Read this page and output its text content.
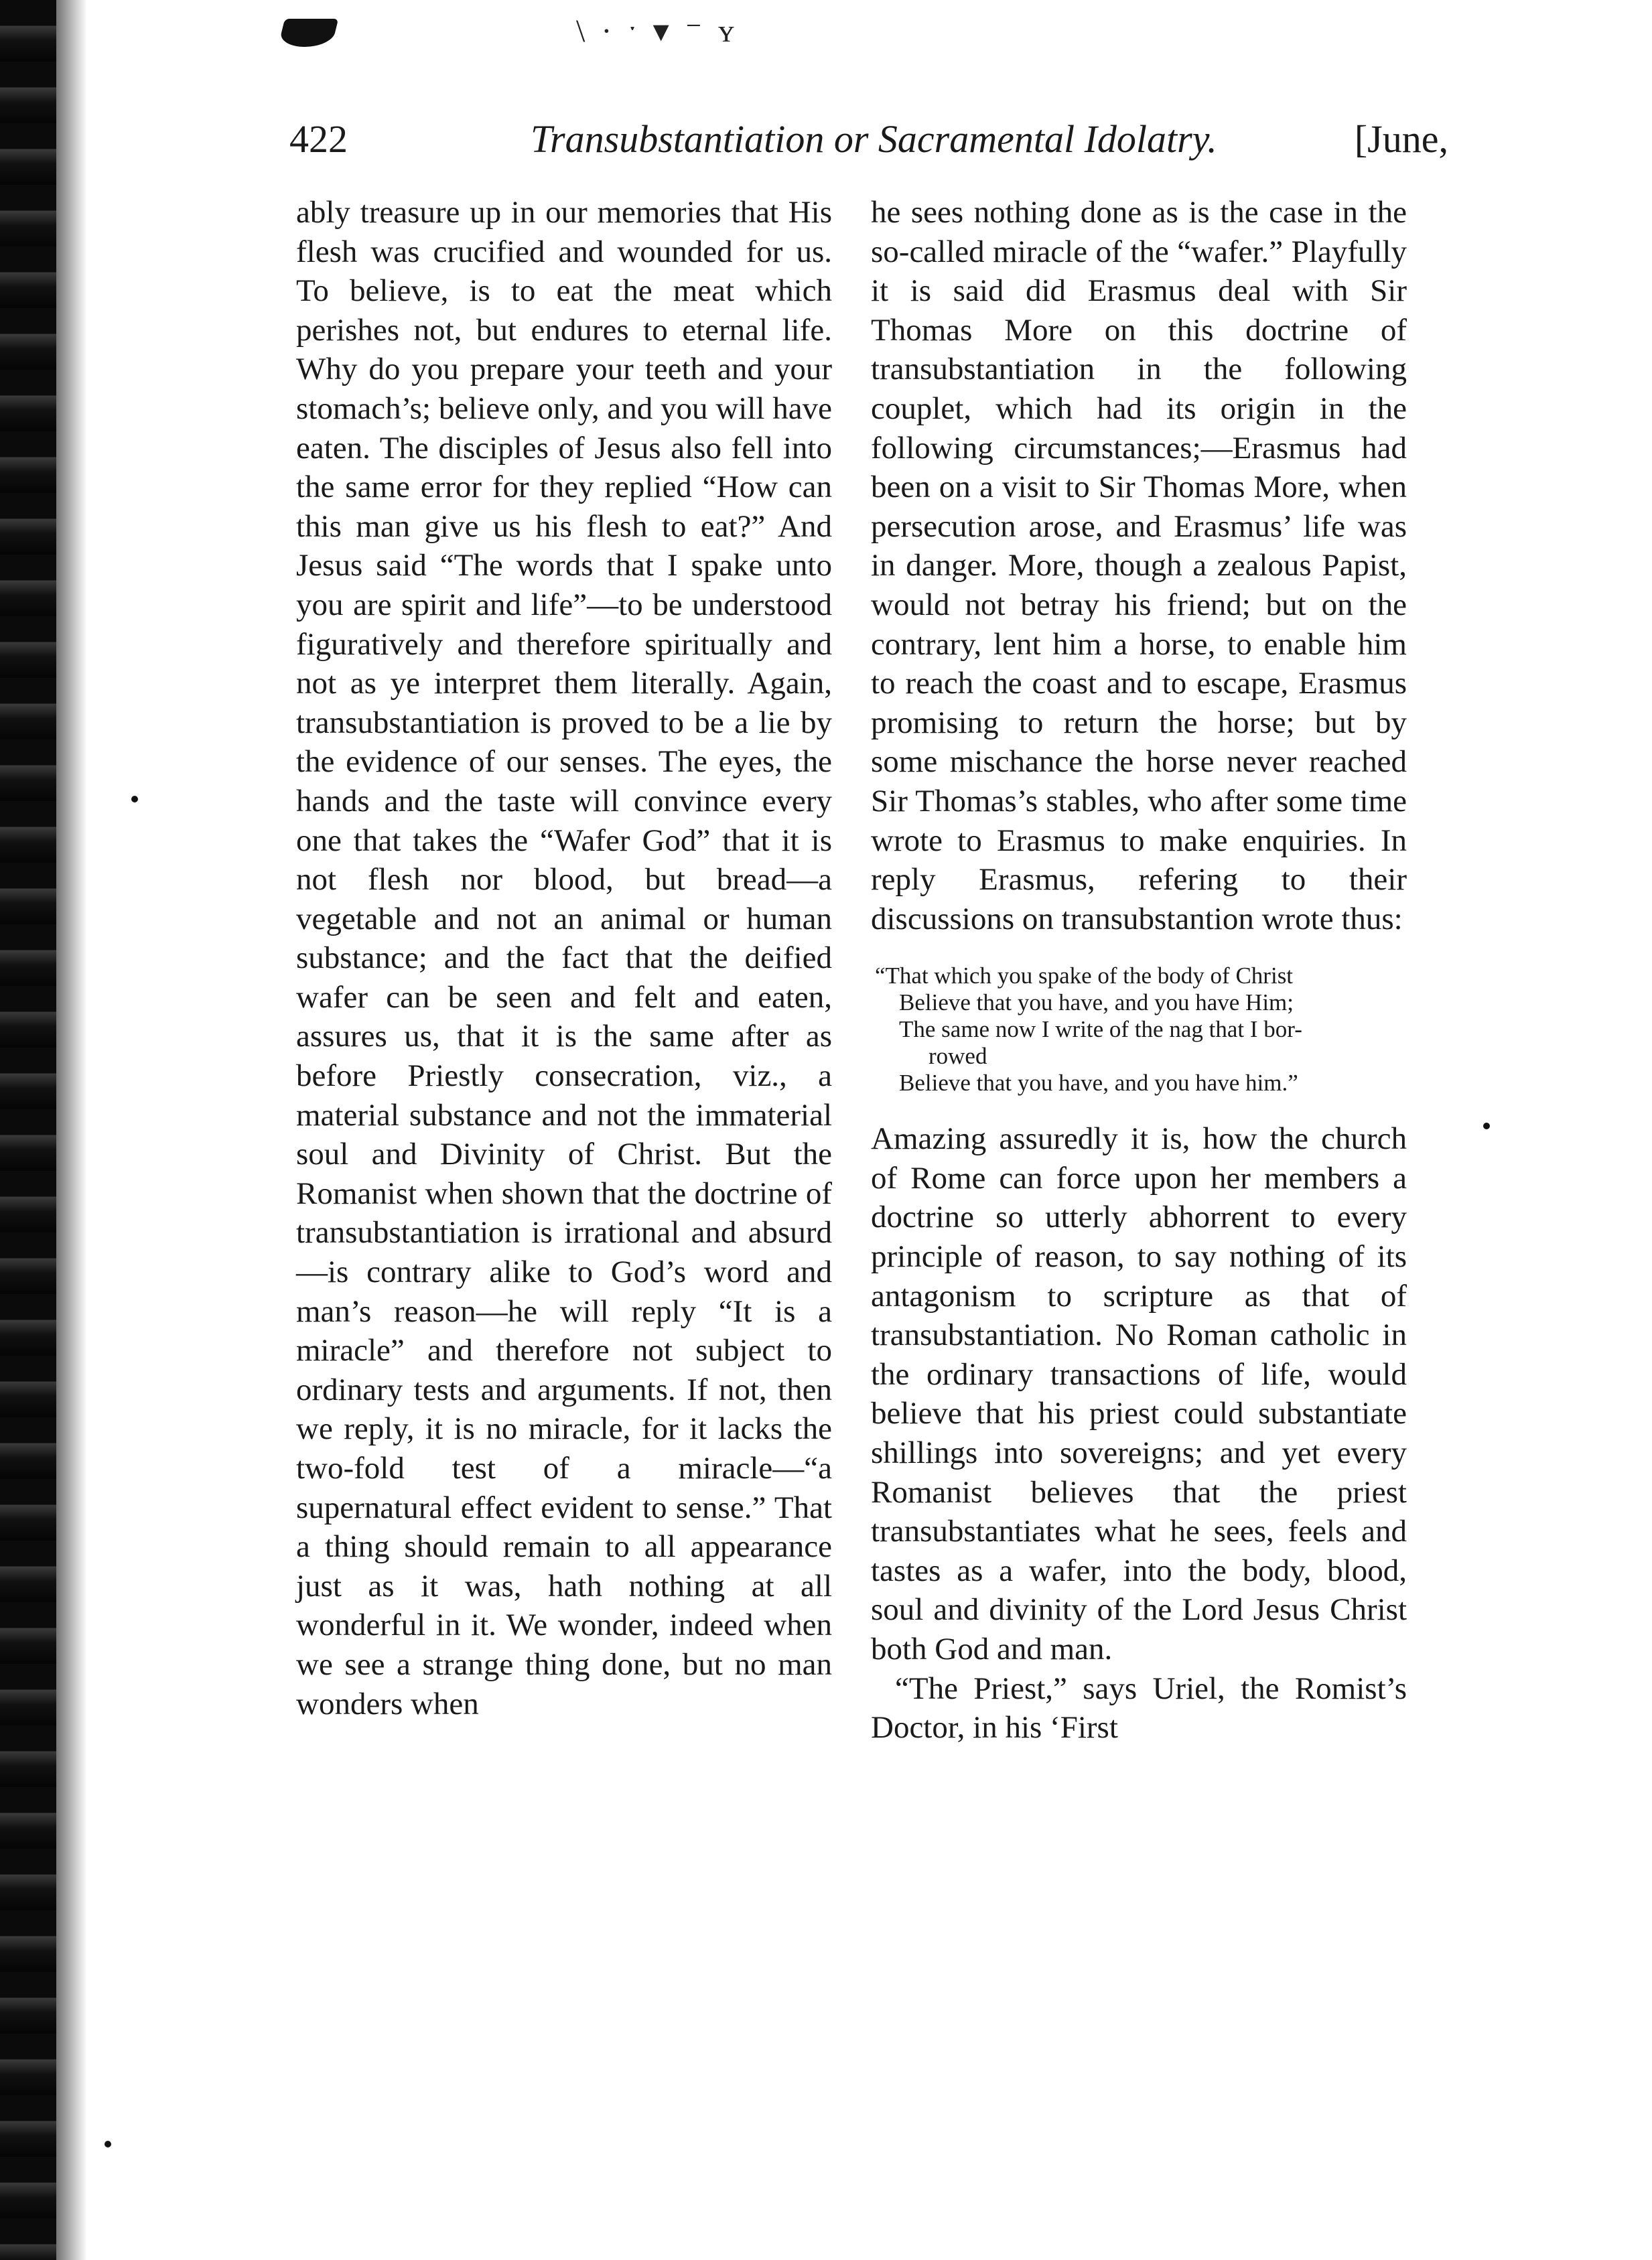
\ · ˑ ▾ ⁻ ʏ
422	Transubstantiation or Sacramental Idolatry.	[June,

ably treasure up in our memories that His flesh was crucified and wounded for us. To believe, is to eat the meat which perishes not, but endures to eternal life. Why do you prepare your teeth and your stomach’s; believe only, and you will have eaten. The disciples of Jesus also fell into the same error for they replied “How can this man give us his flesh to eat?” And Jesus said “The words that I spake unto you are spirit and life”—to be understood figuratively and therefore spiritually and not as ye interpret them literally. Again, transubstantiation is proved to be a lie by the evidence of our senses. The eyes, the hands and the taste will convince every one that takes the “Wafer God” that it is not flesh nor blood, but bread—a vegetable and not an animal or human substance; and the fact that the deified wafer can be seen and felt and eaten, assures us, that it is the same after as before Priestly consecration, viz., a material substance and not the immaterial soul and Divinity of Christ. But the Romanist when shown that the doctrine of transubstantiation is irrational and absurd—is contrary alike to God’s word and man’s reason—he will reply “It is a miracle” and therefore not subject to ordinary tests and arguments. If not, then we reply, it is no miracle, for it lacks the two-fold test of a miracle—“a supernatural effect evident to sense.” That a thing should remain to all appearance just as it was, hath nothing at all wonderful in it. We wonder, indeed when we see a strange thing done, but no man wonders when

he sees nothing done as is the case in the so-called miracle of the “wafer.” Playfully it is said did Erasmus deal with Sir Thomas More on this doctrine of transubstantiation in the following couplet, which had its origin in the following circumstances;—Erasmus had been on a visit to Sir Thomas More, when persecution arose, and Erasmus’ life was in danger. More, though a zealous Papist, would not betray his friend; but on the contrary, lent him a horse, to enable him to reach the coast and to escape, Erasmus promising to return the horse; but by some mischance the horse never reached Sir Thomas’s stables, who after some time wrote to Erasmus to make enquiries. In reply Erasmus, refering to their discussions on transubstantion wrote thus:

“That which you spake of the body of Christ
Believe that you have, and you have Him;
The same now I write of the nag that I bor-
rowed
Believe that you have, and you have him.”

Amazing assuredly it is, how the church of Rome can force upon her members a doctrine so utterly abhorrent to every principle of reason, to say nothing of its antagonism to scripture as that of transubstantiation. No Roman catholic in the ordinary transactions of life, would believe that his priest could substantiate shillings into sovereigns; and yet every Romanist believes that the priest transubstantiates what he sees, feels and tastes as a wafer, into the body, blood, soul and divinity of the Lord Jesus Christ both God and man.

“The Priest,” says Uriel, the Romist’s Doctor, in his ‘First
